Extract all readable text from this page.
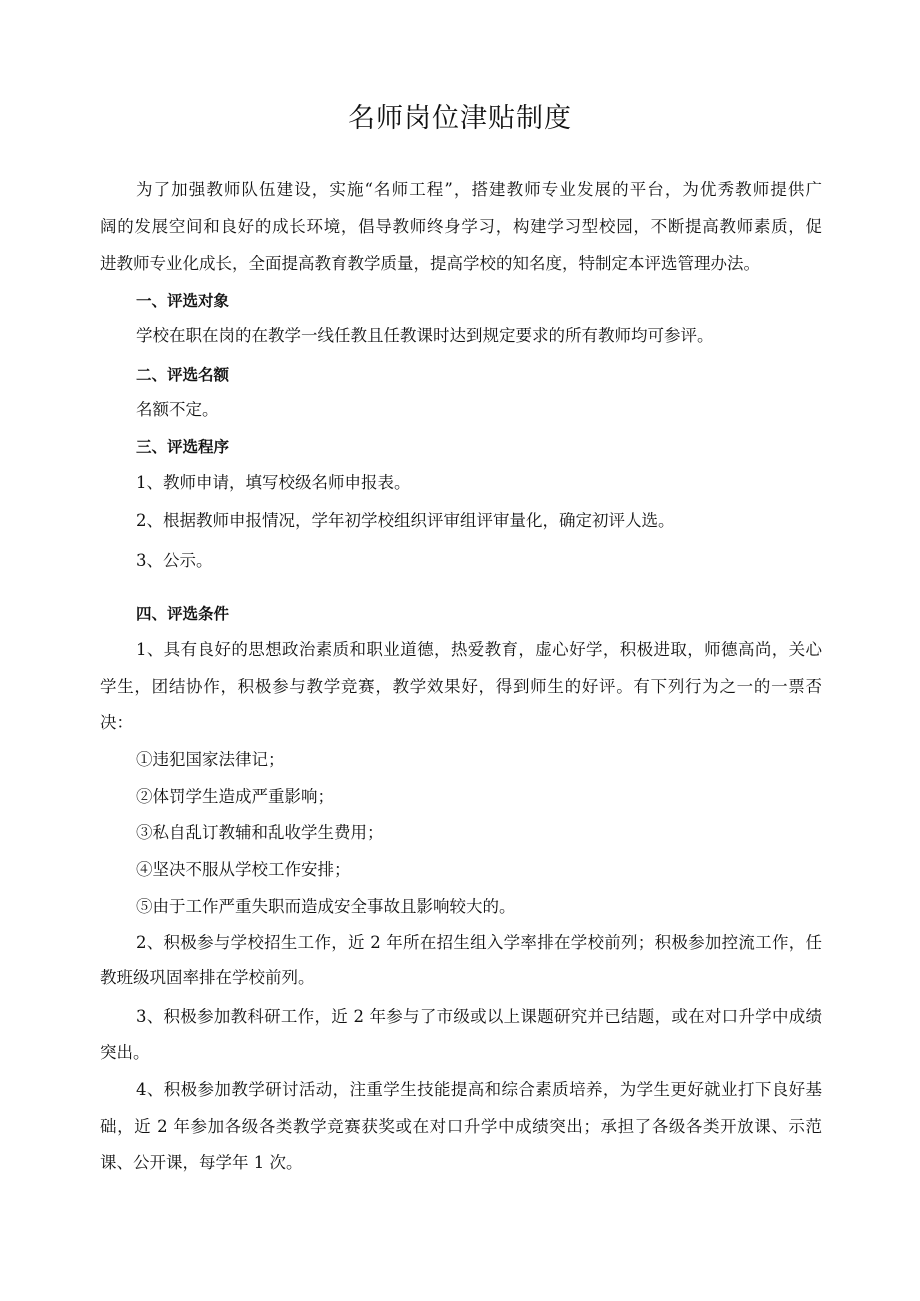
名师岗位津贴制度
为了加强教师队伍建设，实施“名师工程”，搭建教师专业发展的平台，为优秀教师提供广
阔的发展空间和良好的成长环境，倡导教师终身学习，构建学习型校园，不断提高教师素质，促
进教师专业化成长，全面提高教育教学质量，提高学校的知名度，特制定本评选管理办法。
一、评选对象
学校在职在岗的在教学一线任教且任教课时达到规定要求的所有教师均可参评。
二、评选名额
名额不定。
三、评选程序
1、教师申请，填写校级名师申报表。
2、根据教师申报情况，学年初学校组织评审组评审量化，确定初评人选。
3、公示。
四、评选条件
1、具有良好的思想政治素质和职业道德，热爱教育，虚心好学，积极进取，师德高尚，关心
学生，团结协作，积极参与教学竞赛，教学效果好，得到师生的好评。有下列行为之一的一票否
决：
①违犯国家法律记；
②体罚学生造成严重影响；
③私自乱订教辅和乱收学生费用；
④坚决不服从学校工作安排；
⑤由于工作严重失职而造成安全事故且影响较大的。
2、积极参与学校招生工作，近 2 年所在招生组入学率排在学校前列；积极参加控流工作，任
教班级巩固率排在学校前列。
3、积极参加教科研工作，近 2 年参与了市级或以上课题研究并已结题，或在对口升学中成绩
突出。
4、积极参加教学研讨活动，注重学生技能提高和综合素质培养，为学生更好就业打下良好基
础，近 2 年参加各级各类教学竞赛获奖或在对口升学中成绩突出；承担了各级各类开放课、示范
课、公开课，每学年 1 次。
